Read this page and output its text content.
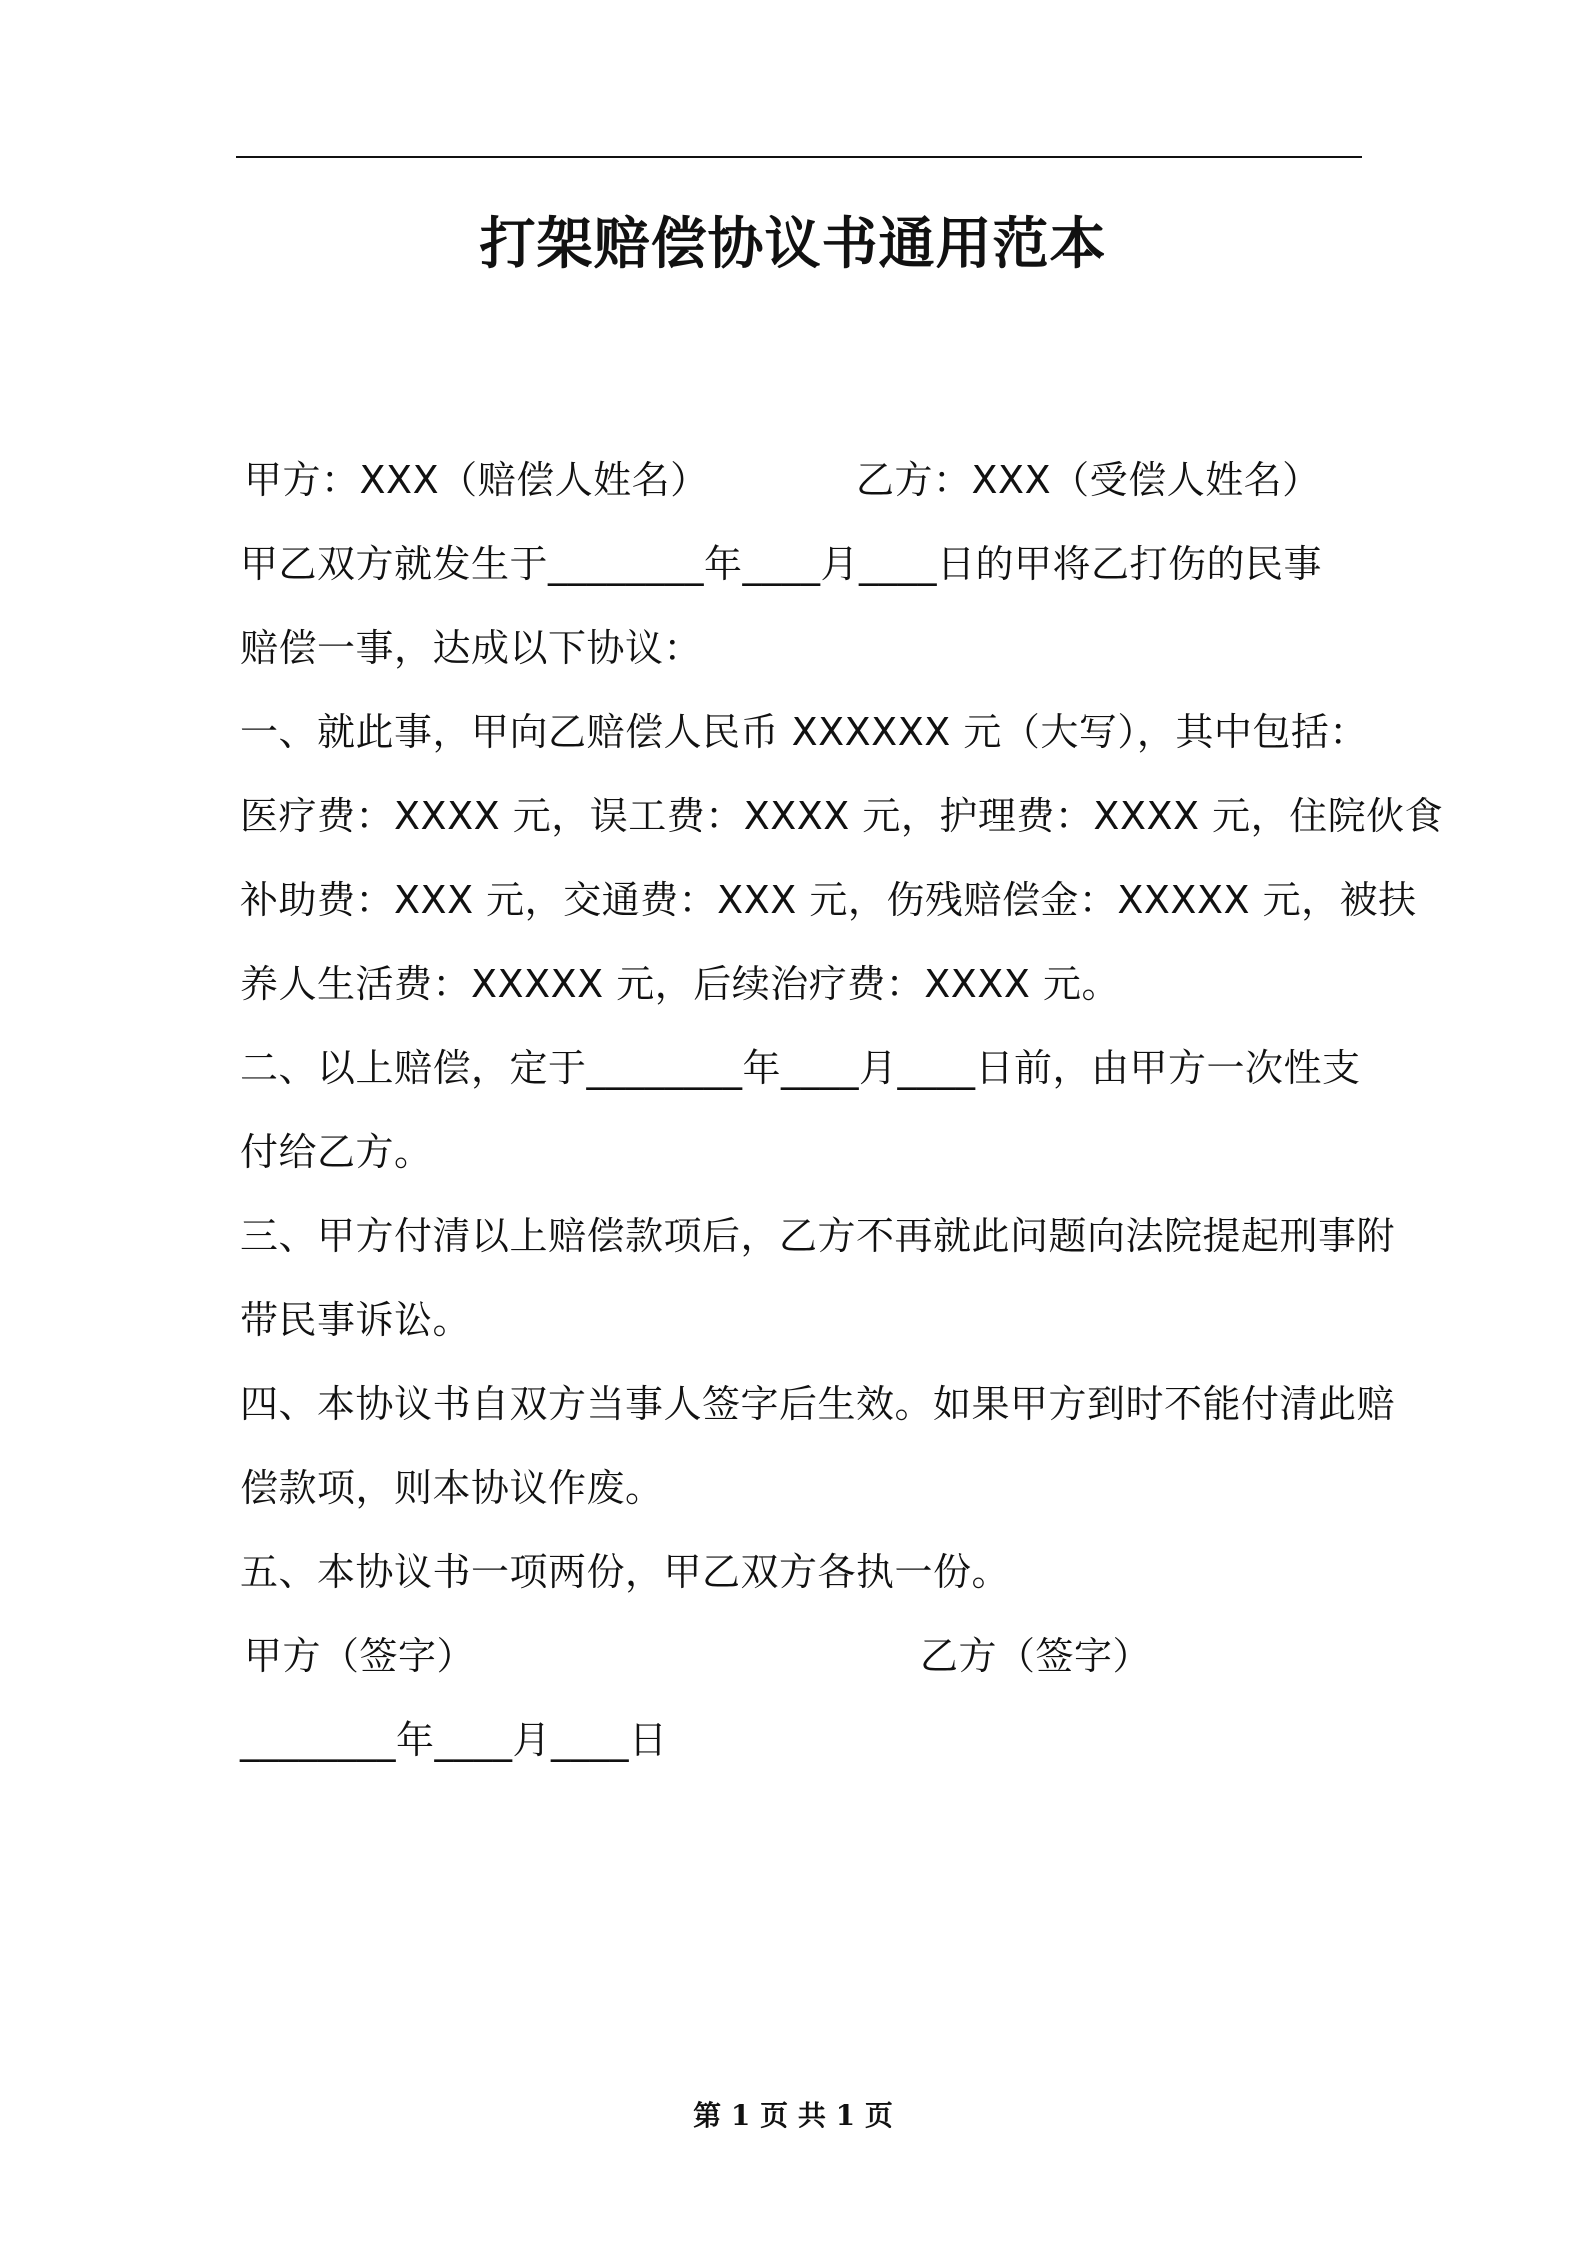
打架赔偿协议书通用范本
甲方：XXX（赔偿人姓名）	乙方：XXX（受偿人姓名）
甲乙双方就发生于________年____月____日的甲将乙打伤的民事
赔偿一事，达成以下协议：
一、就此事，甲向乙赔偿人民币 XXXXXX 元（大写），其中包括：
医疗费：XXXX 元，误工费：XXXX 元，护理费：XXXX 元，住院伙食
补助费：XXX 元，交通费：XXX 元，伤残赔偿金：XXXXX 元，被扶
养人生活费：XXXXX 元，后续治疗费：XXXX 元。
二、以上赔偿，定于________年____月____日前，由甲方一次性支
付给乙方。
三、甲方付清以上赔偿款项后，乙方不再就此问题向法院提起刑事附
带民事诉讼。
四、本协议书自双方当事人签字后生效。如果甲方到时不能付清此赔
偿款项，则本协议作废。
五、本协议书一项两份，甲乙双方各执一份。
甲方（签字）	乙方（签字）
________年____月____日
第 1 页 共 1 页
